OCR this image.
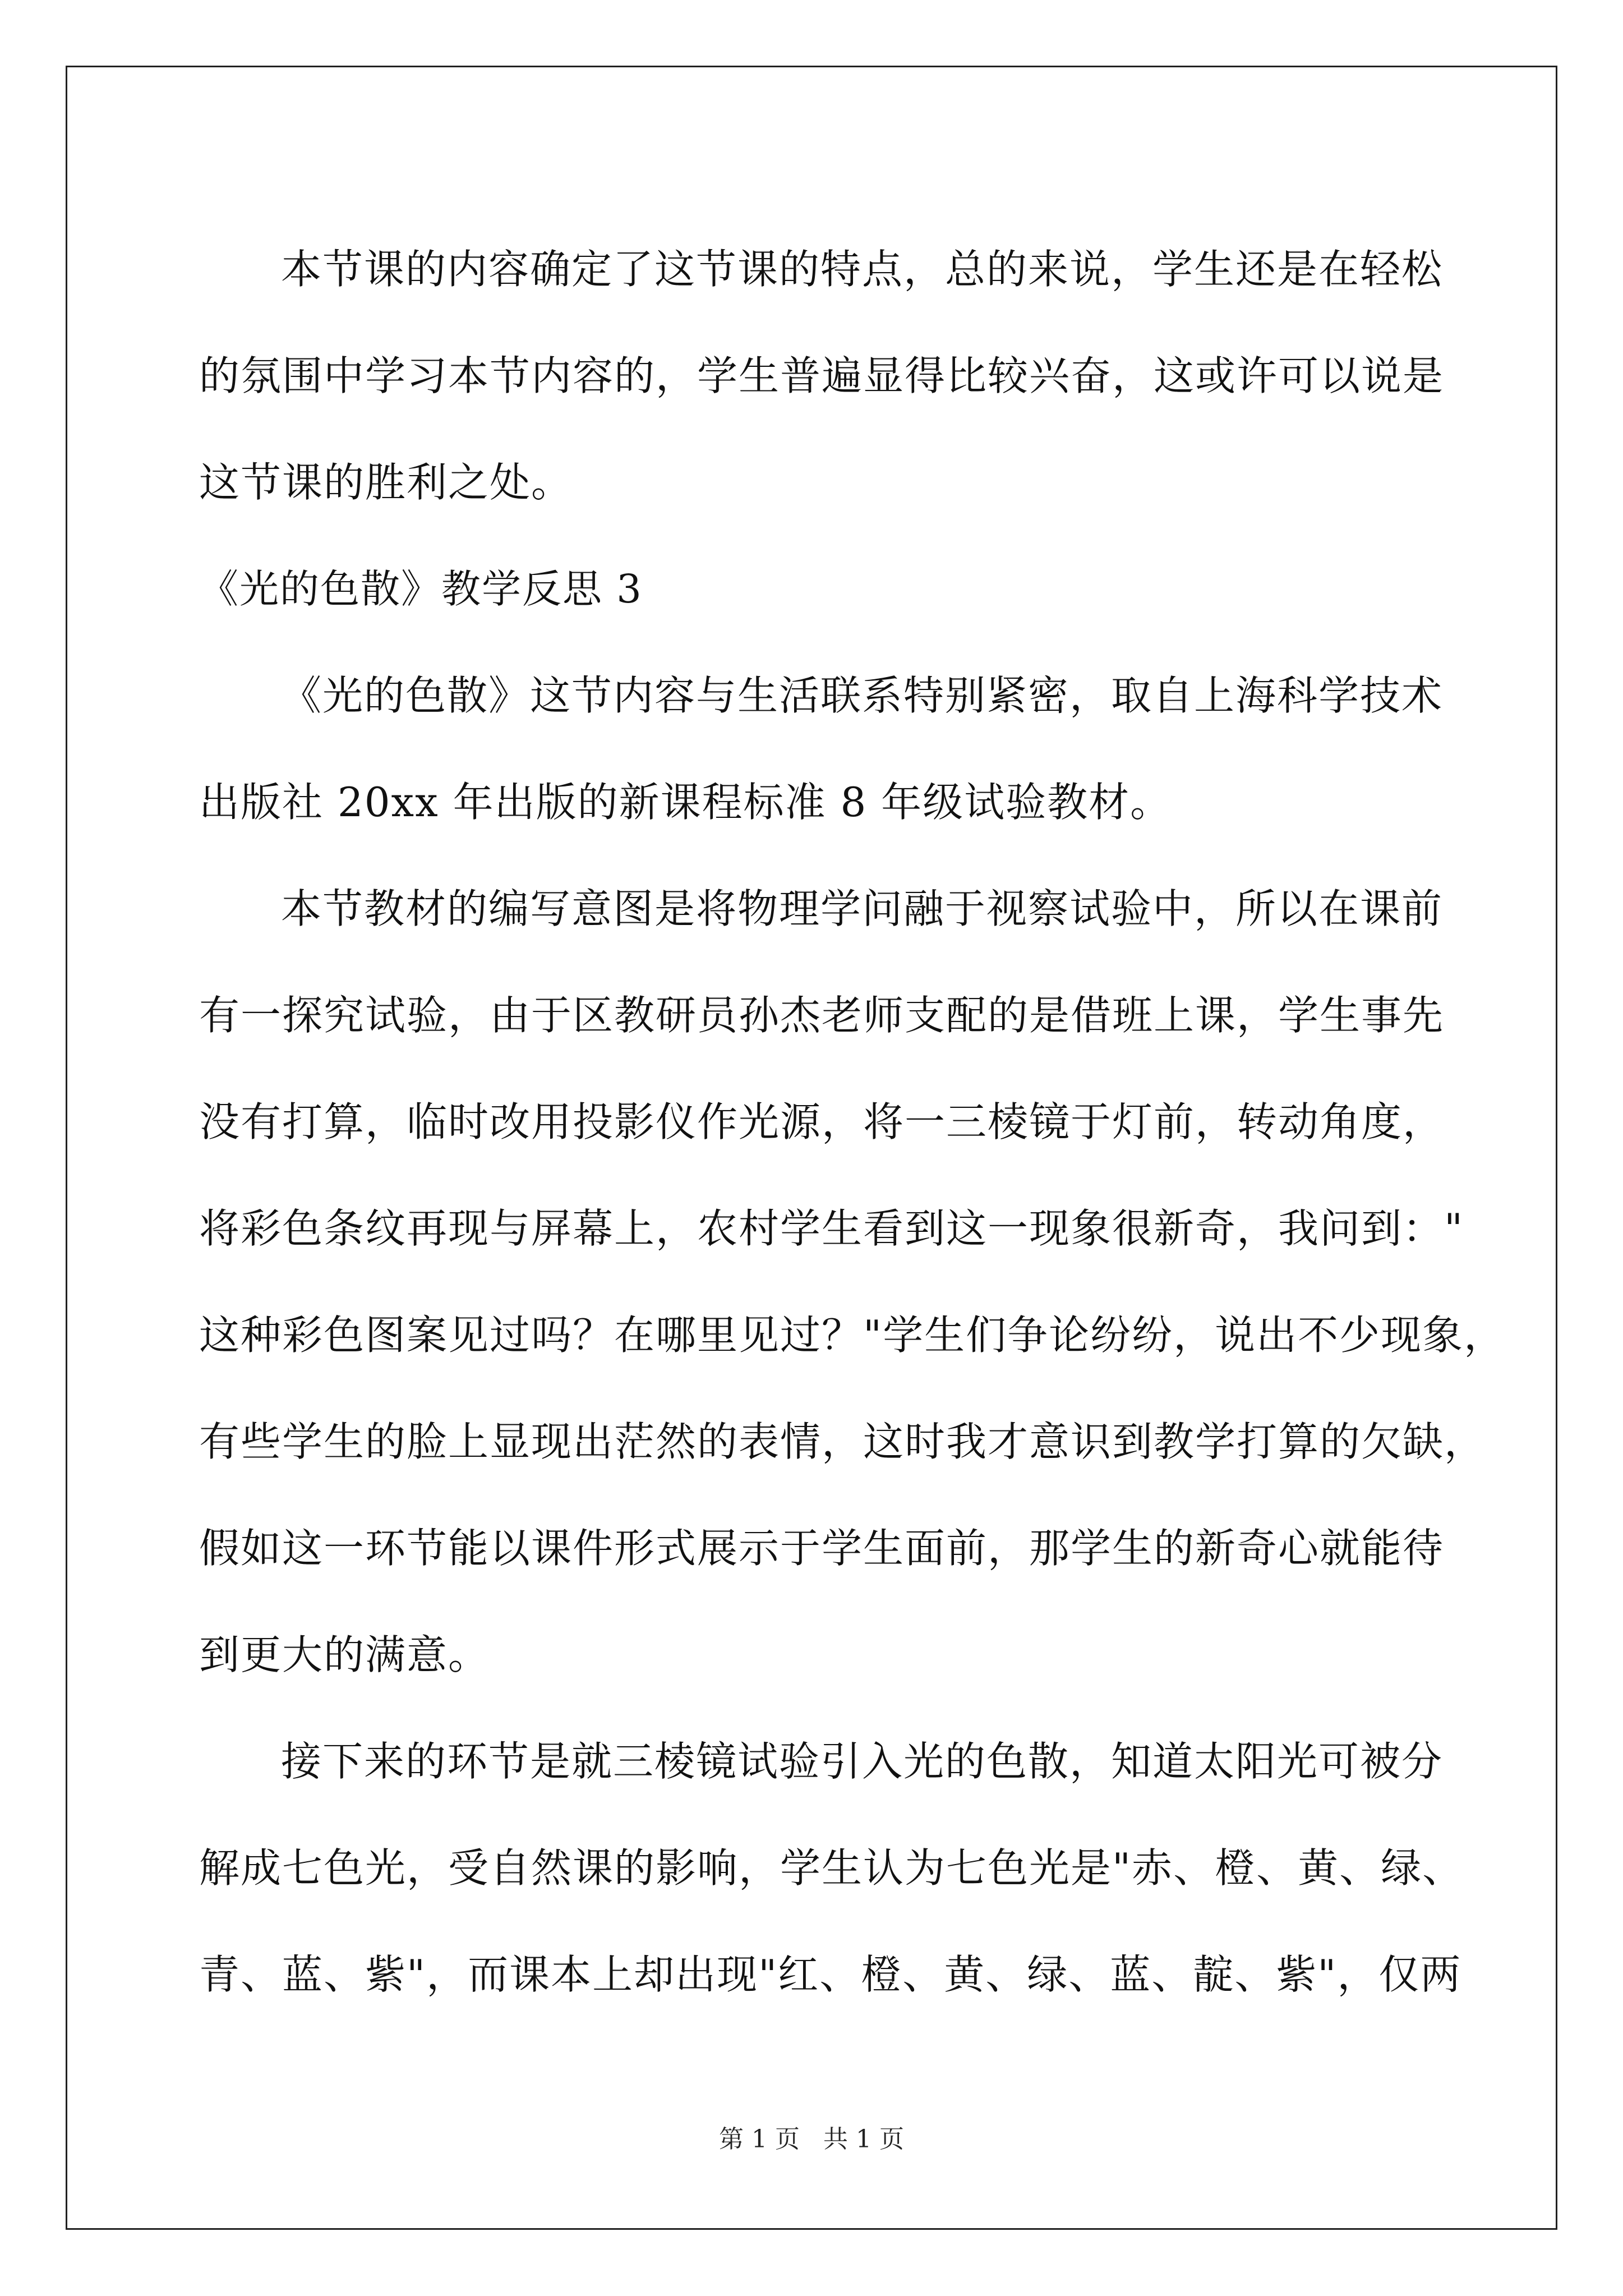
本节课的内容确定了这节课的特点，总的来说，学生还是在轻松
的氛围中学习本节内容的，学生普遍显得比较兴奋，这或许可以说是
这节课的胜利之处。
《光的色散》教学反思 3
《光的色散》这节内容与生活联系特别紧密，取自上海科学技术
出版社 20xx 年出版的新课程标准 8 年级试验教材。
本节教材的编写意图是将物理学问融于视察试验中，所以在课前
有一探究试验，由于区教研员孙杰老师支配的是借班上课，学生事先
没有打算，临时改用投影仪作光源，将一三棱镜于灯前，转动角度，
将彩色条纹再现与屏幕上，农村学生看到这一现象很新奇，我问到："
这种彩色图案见过吗？在哪里见过？"学生们争论纷纷，说出不少现象，
有些学生的脸上显现出茫然的表情，这时我才意识到教学打算的欠缺，
假如这一环节能以课件形式展示于学生面前，那学生的新奇心就能待
到更大的满意。
接下来的环节是就三棱镜试验引入光的色散，知道太阳光可被分
解成七色光，受自然课的影响，学生认为七色光是"赤、橙、黄、绿、
青、蓝、紫"，而课本上却出现"红、橙、黄、绿、蓝、靛、紫"，仅两
第 1 页   共 1 页
